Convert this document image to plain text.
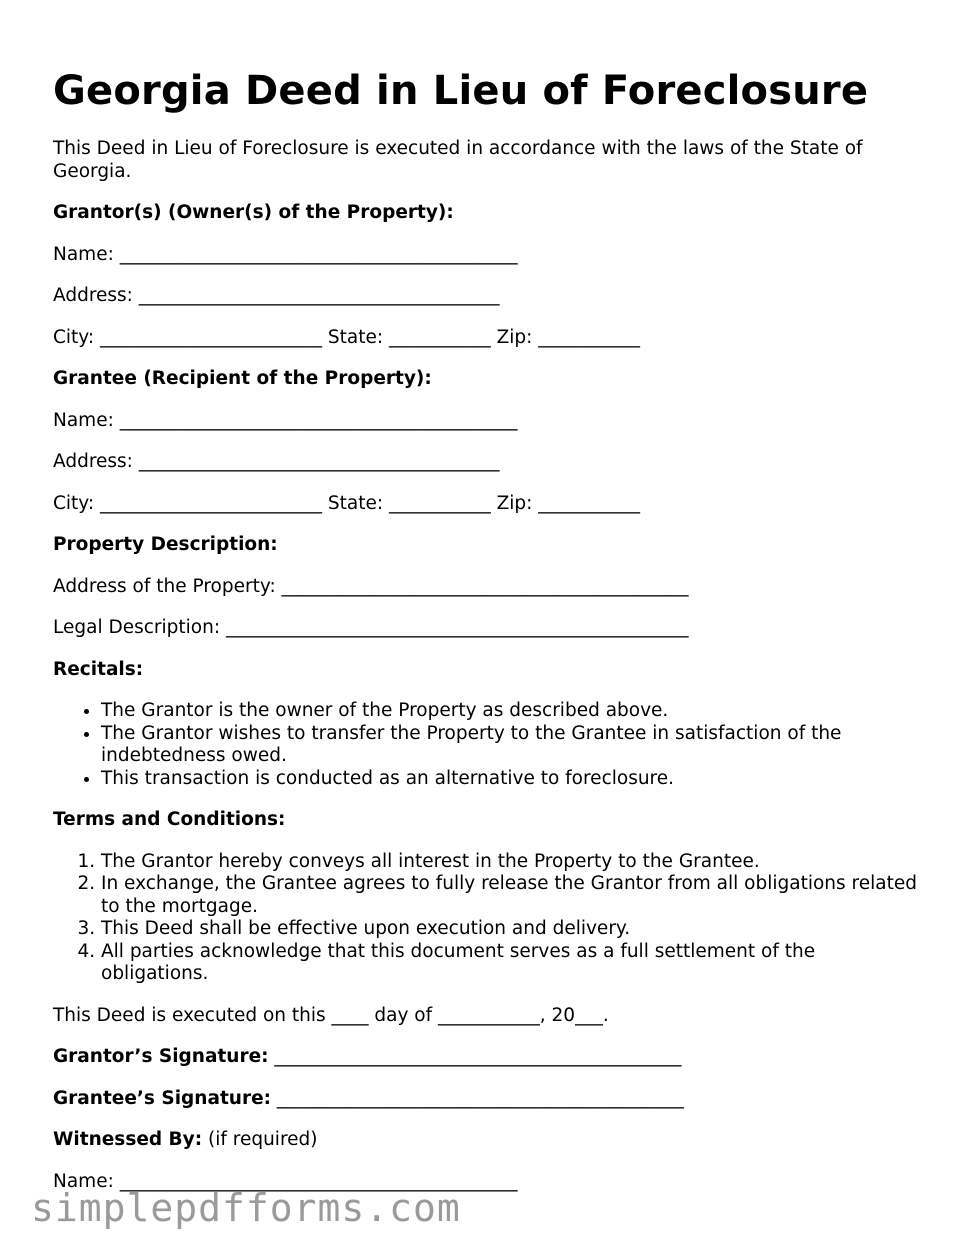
Georgia Deed in Lieu of Foreclosure

This Deed in Lieu of Foreclosure is executed in accordance with the laws of the State of Georgia.

Grantor(s) (Owner(s) of the Property):

Name: ___________________________________________

Address: _______________________________________

City: ________________________ State: ___________ Zip: ___________

Grantee (Recipient of the Property):

Name: ___________________________________________

Address: _______________________________________

City: ________________________ State: ___________ Zip: ___________

Property Description:

Address of the Property: ____________________________________________

Legal Description: __________________________________________________

Recitals:

• The Grantor is the owner of the Property as described above.
• The Grantor wishes to transfer the Property to the Grantee in satisfaction of the indebtedness owed.
• This transaction is conducted as an alternative to foreclosure.

Terms and Conditions:

1. The Grantor hereby conveys all interest in the Property to the Grantee.
2. In exchange, the Grantee agrees to fully release the Grantor from all obligations related to the mortgage.
3. This Deed shall be effective upon execution and delivery.
4. All parties acknowledge that this document serves as a full settlement of the obligations.

This Deed is executed on this ____ day of ___________, 20___.

Grantor’s Signature: ____________________________________________

Grantee’s Signature: ____________________________________________

Witnessed By: (if required)

Name: ___________________________________________

simplepdfforms.com
